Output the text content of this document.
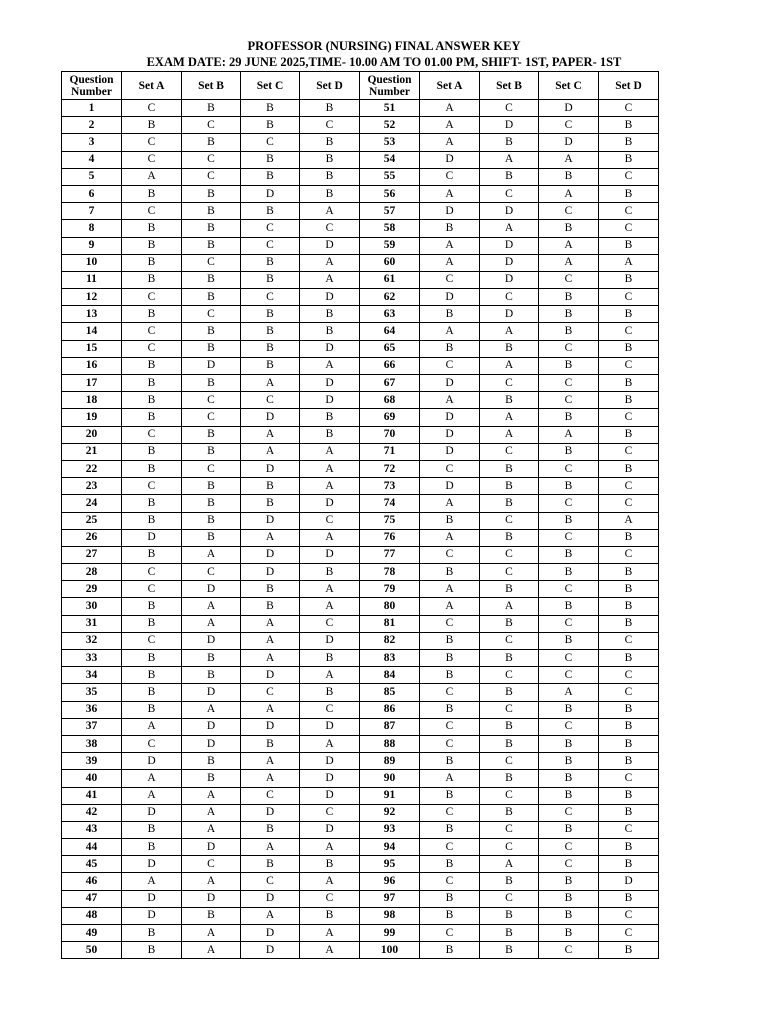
PROFESSOR (NURSING) FINAL ANSWER KEY
EXAM DATE: 29 JUNE 2025,TIME- 10.00 AM TO 01.00 PM, SHIFT- 1ST, PAPER- 1ST
Question Number	Set A	Set B	Set C	Set D	Question Number	Set A	Set B	Set C	Set D
1	C	B	B	B	51	A	C	D	C
2	B	C	B	C	52	A	D	C	B
3	C	B	C	B	53	A	B	D	B
4	C	C	B	B	54	D	A	A	B
5	A	C	B	B	55	C	B	B	C
6	B	B	D	B	56	A	C	A	B
7	C	B	B	A	57	D	D	C	C
8	B	B	C	C	58	B	A	B	C
9	B	B	C	D	59	A	D	A	B
10	B	C	B	A	60	A	D	A	A
11	B	B	B	A	61	C	D	C	B
12	C	B	C	D	62	D	C	B	C
13	B	C	B	B	63	B	D	B	B
14	C	B	B	B	64	A	A	B	C
15	C	B	B	D	65	B	B	C	B
16	B	D	B	A	66	C	A	B	C
17	B	B	A	D	67	D	C	C	B
18	B	C	C	D	68	A	B	C	B
19	B	C	D	B	69	D	A	B	C
20	C	B	A	B	70	D	A	A	B
21	B	B	A	A	71	D	C	B	C
22	B	C	D	A	72	C	B	C	B
23	C	B	B	A	73	D	B	B	C
24	B	B	B	D	74	A	B	C	C
25	B	B	D	C	75	B	C	B	A
26	D	B	A	A	76	A	B	C	B
27	B	A	D	D	77	C	C	B	C
28	C	C	D	B	78	B	C	B	B
29	C	D	B	A	79	A	B	C	B
30	B	A	B	A	80	A	A	B	B
31	B	A	A	C	81	C	B	C	B
32	C	D	A	D	82	B	C	B	C
33	B	B	A	B	83	B	B	C	B
34	B	B	D	A	84	B	C	C	C
35	B	D	C	B	85	C	B	A	C
36	B	A	A	C	86	B	C	B	B
37	A	D	D	D	87	C	B	C	B
38	C	D	B	A	88	C	B	B	B
39	D	B	A	D	89	B	C	B	B
40	A	B	A	D	90	A	B	B	C
41	A	A	C	D	91	B	C	B	B
42	D	A	D	C	92	C	B	C	B
43	B	A	B	D	93	B	C	B	C
44	B	D	A	A	94	C	C	C	B
45	D	C	B	B	95	B	A	C	B
46	A	A	C	A	96	C	B	B	D
47	D	D	D	C	97	B	C	B	B
48	D	B	A	B	98	B	B	B	C
49	B	A	D	A	99	C	B	B	C
50	B	A	D	A	100	B	B	C	B
